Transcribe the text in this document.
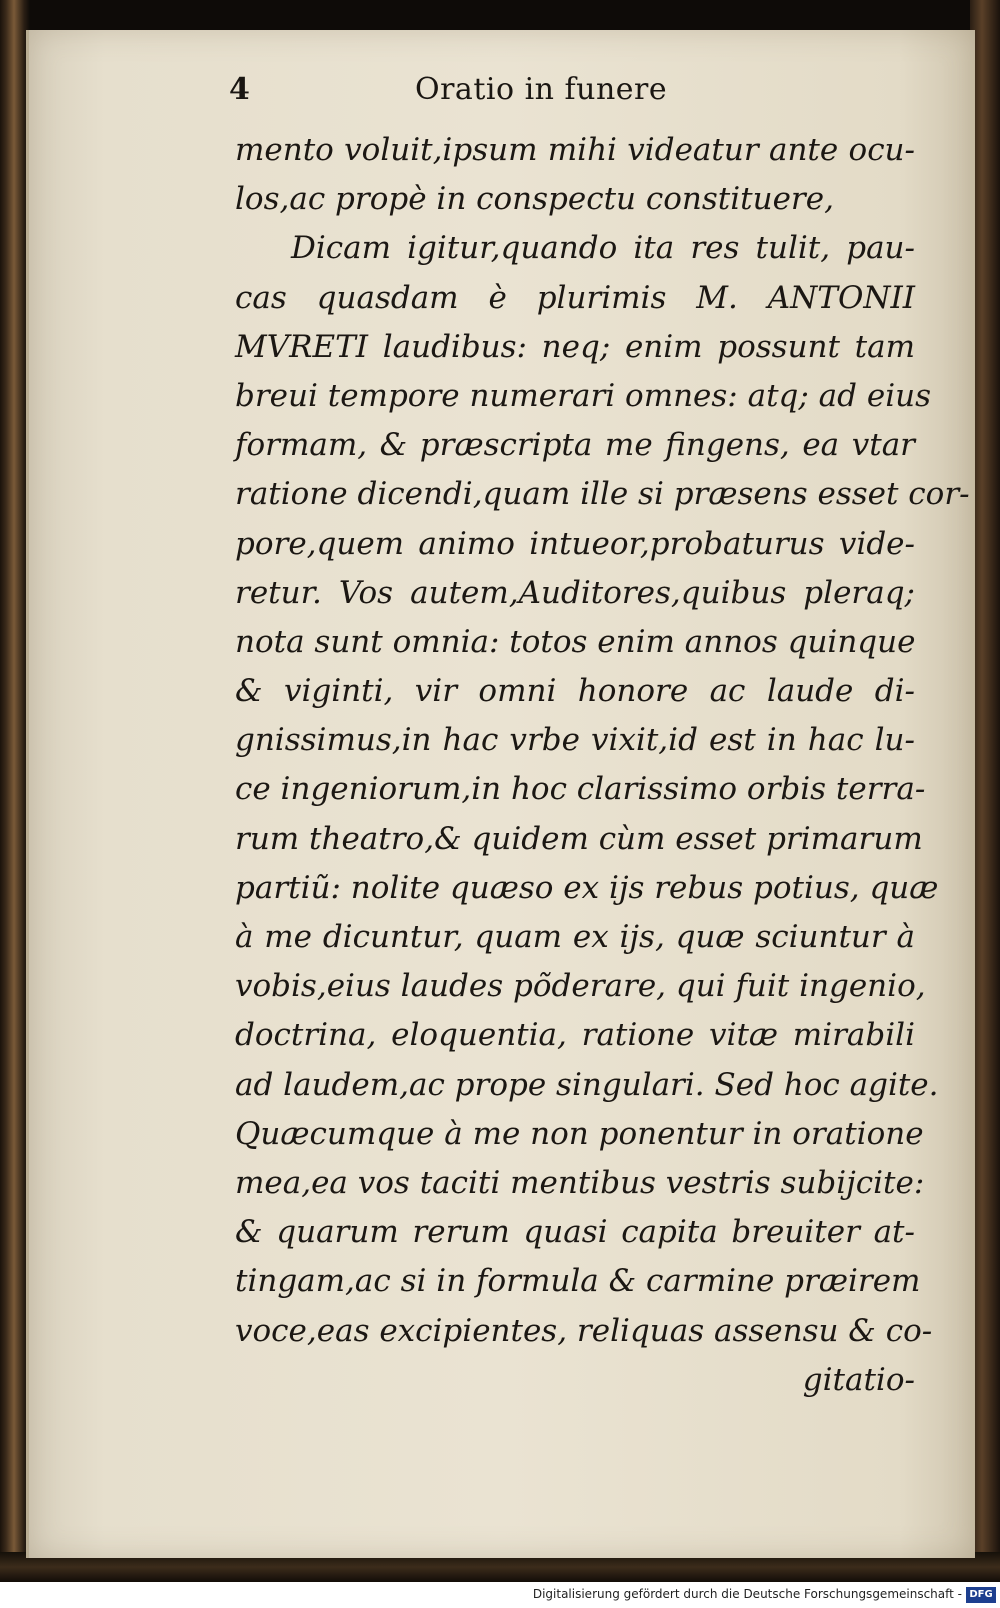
4	Oratio in funere
mento voluit,ipsum mihi videatur ante ocu-
los,ac propè in conspectu constituere,
Dicam igitur,quando ita res tulit, pau-
cas quasdam è plurimis M. ANTONII
MVRETI laudibus: neq; enim possunt tam
breui tempore numerari omnes: atq; ad eius
formam, & præscripta me fingens, ea vtar
ratione dicendi,quam ille si præsens esset cor-
pore,quem animo intueor,probaturus vide-
retur. Vos autem,Auditores,quibus pleraq;
nota sunt omnia: totos enim annos quinque
& viginti, vir omni honore ac laude di-
gnissimus,in hac vrbe vixit,id est in hac lu-
ce ingeniorum,in hoc clarissimo orbis terra-
rum theatro,& quidem cùm esset primarum
partiũ: nolite quæso ex ijs rebus potius, quæ
à me dicuntur, quam ex ijs, quæ sciuntur à
vobis,eius laudes põderare, qui fuit ingenio,
doctrina, eloquentia, ratione vitæ mirabili
ad laudem,ac prope singulari. Sed hoc agite.
Quæcumque à me non ponentur in oratione
mea,ea vos taciti mentibus vestris subijcite:
& quarum rerum quasi capita breuiter at-
tingam,ac si in formula & carmine præirem
voce,eas excipientes, reliquas assensu & co-
gitatio-
Digitalisierung gefördert durch die Deutsche Forschungsgemeinschaft - DFG
